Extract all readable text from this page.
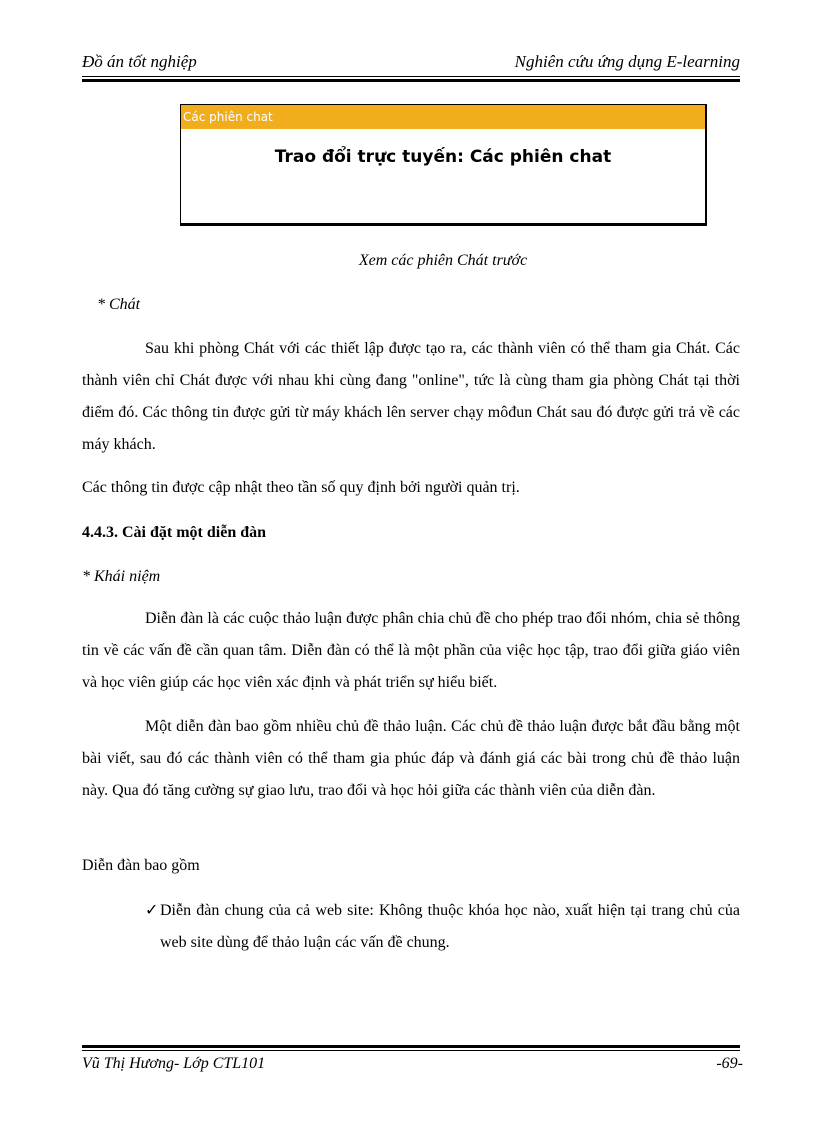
Đồ án tốt nghiệp	Nghiên cứu ứng dụng E-learning
Các phiên chat
Trao đổi trực tuyến: Các phiên chat
Xem các phiên Chát trước
* Chát
Sau khi phòng Chát với các thiết lập được tạo ra, các thành viên có thể tham gia Chát. Các thành viên chỉ Chát được với nhau khi cùng đang "online", tức là cùng tham gia phòng Chát tại thời điểm đó. Các thông tin được gửi từ máy khách lên server chạy môđun Chát sau đó được gửi trả về các máy khách.
Các thông tin được cập nhật theo tần số quy định bởi người quản trị.
4.4.3. Cài đặt một diễn đàn
* Khái niệm
Diễn đàn là các cuộc thảo luận được phân chia chủ đề cho phép trao đổi nhóm, chia sẻ thông tin về các vấn đề cần quan tâm. Diễn đàn có thể là một phần của việc học tập, trao đổi giữa giáo viên và học viên giúp các học viên xác định và phát triển sự hiểu biết.
Một diễn đàn bao gồm nhiều chủ đề thảo luận. Các chủ đề thảo luận được bắt đầu bằng một bài viết, sau đó các thành viên có thể tham gia phúc đáp và đánh giá các bài trong chủ đề thảo luận này. Qua đó tăng cường sự giao lưu, trao đổi và học hỏi giữa các thành viên của diễn đàn.
Diễn đàn bao gồm
✓ Diễn đàn chung của cả web site: Không thuộc khóa học nào, xuất hiện tại trang chủ của web site dùng để thảo luận các vấn đề chung.
Vũ Thị Hương- Lớp CTL101	-69-
